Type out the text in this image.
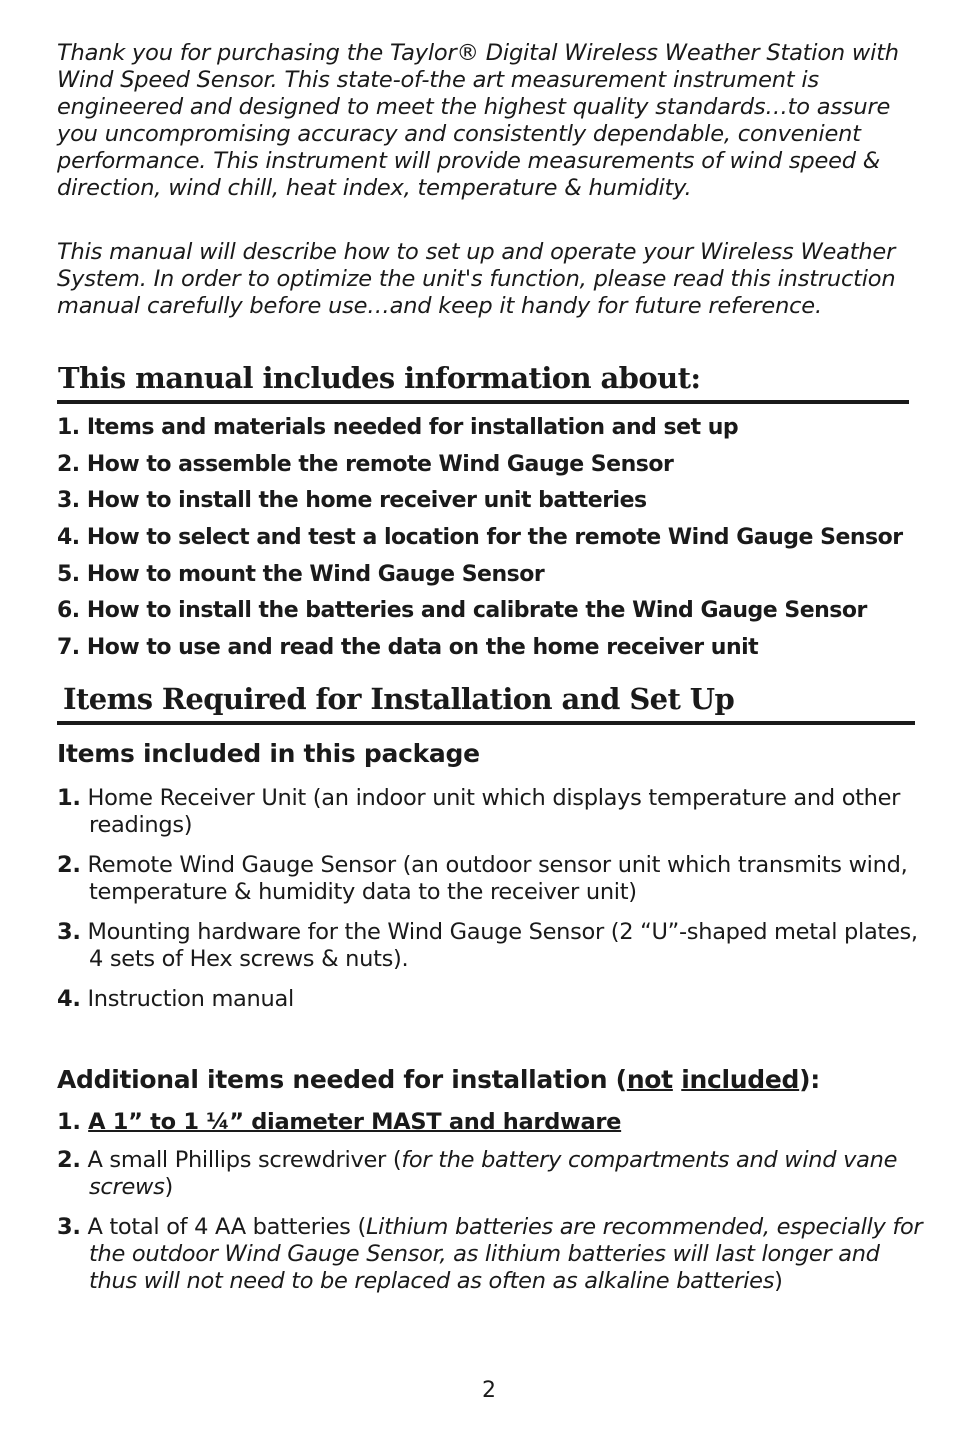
Thank you for purchasing the Taylor® Digital Wireless Weather Station with Wind Speed Sensor. This state-of-the art measurement instrument is engineered and designed to meet the highest quality standards…to assure you uncompromising accuracy and consistently dependable, convenient performance. This instrument will provide measurements of wind speed & direction, wind chill, heat index, temperature & humidity.

This manual will describe how to set up and operate your Wireless Weather System. In order to optimize the unit's function, please read this instruction manual carefully before use…and keep it handy for future reference.

This manual includes information about:
1. Items and materials needed for installation and set up
2. How to assemble the remote Wind Gauge Sensor
3. How to install the home receiver unit batteries
4. How to select and test a location for the remote Wind Gauge Sensor
5. How to mount the Wind Gauge Sensor
6. How to install the batteries and calibrate the Wind Gauge Sensor
7. How to use and read the data on the home receiver unit
Items Required for Installation and Set Up
Items included in this package
1. Home Receiver Unit (an indoor unit which displays temperature and other readings)
2. Remote Wind Gauge Sensor (an outdoor sensor unit which transmits wind, temperature & humidity data to the receiver unit)
3. Mounting hardware for the Wind Gauge Sensor (2 “U”-shaped metal plates, 4 sets of Hex screws & nuts).
4. Instruction manual
Additional items needed for installation (not included):
1. A 1” to 1 ¼” diameter MAST and hardware
2. A small Phillips screwdriver (for the battery compartments and wind vane screws)
3. A total of 4 AA batteries (Lithium batteries are recommended, especially for the outdoor Wind Gauge Sensor, as lithium batteries will last longer and thus will not need to be replaced as often as alkaline batteries)
2
